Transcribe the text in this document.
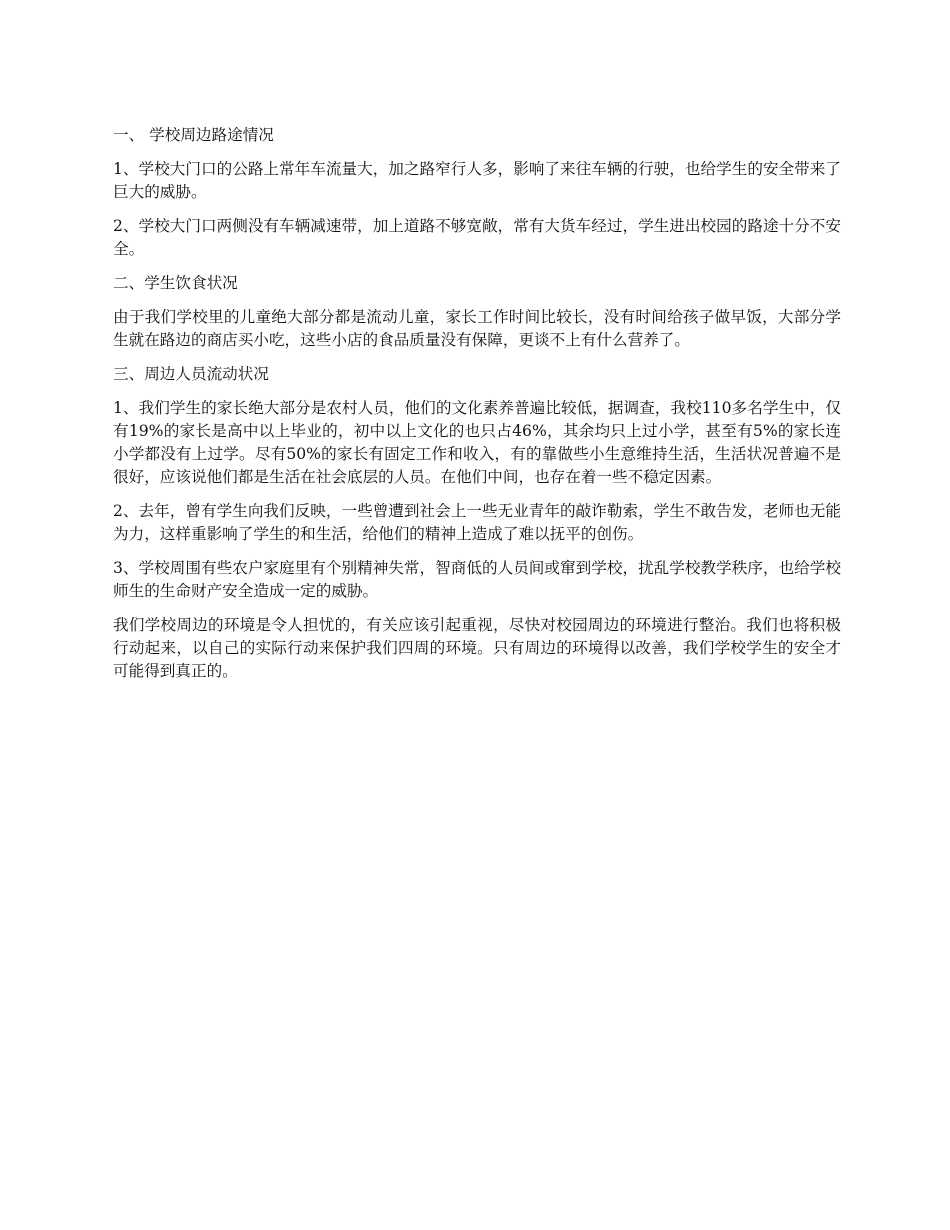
一、 学校周边路途情况

1、学校大门口的公路上常年车流量大，加之路窄行人多，影响了来往车辆的行驶，也给学生的安全带来了巨大的威胁。

2、学校大门口两侧没有车辆减速带，加上道路不够宽敞，常有大货车经过，学生进出校园的路途十分不安全。

二、学生饮食状况

由于我们学校里的儿童绝大部分都是流动儿童，家长工作时间比较长，没有时间给孩子做早饭，大部分学生就在路边的商店买小吃，这些小店的食品质量没有保障，更谈不上有什么营养了。

三、周边人员流动状况

1、我们学生的家长绝大部分是农村人员，他们的文化素养普遍比较低，据调查，我校110多名学生中，仅有19%的家长是高中以上毕业的，初中以上文化的也只占46%，其余均只上过小学，甚至有5%的家长连小学都没有上过学。尽有50%的家长有固定工作和收入，有的靠做些小生意维持生活，生活状况普遍不是很好，应该说他们都是生活在社会底层的人员。在他们中间，也存在着一些不稳定因素。

2、去年，曾有学生向我们反映，一些曾遭到社会上一些无业青年的敲诈勒索，学生不敢告发，老师也无能为力，这样重影响了学生的和生活，给他们的精神上造成了难以抚平的创伤。

3、学校周围有些农户家庭里有个别精神失常，智商低的人员间或窜到学校，扰乱学校教学秩序，也给学校师生的生命财产安全造成一定的威胁。

我们学校周边的环境是令人担忧的，有关应该引起重视，尽快对校园周边的环境进行整治。我们也将积极行动起来，以自己的实际行动来保护我们四周的环境。只有周边的环境得以改善，我们学校学生的安全才可能得到真正的。
